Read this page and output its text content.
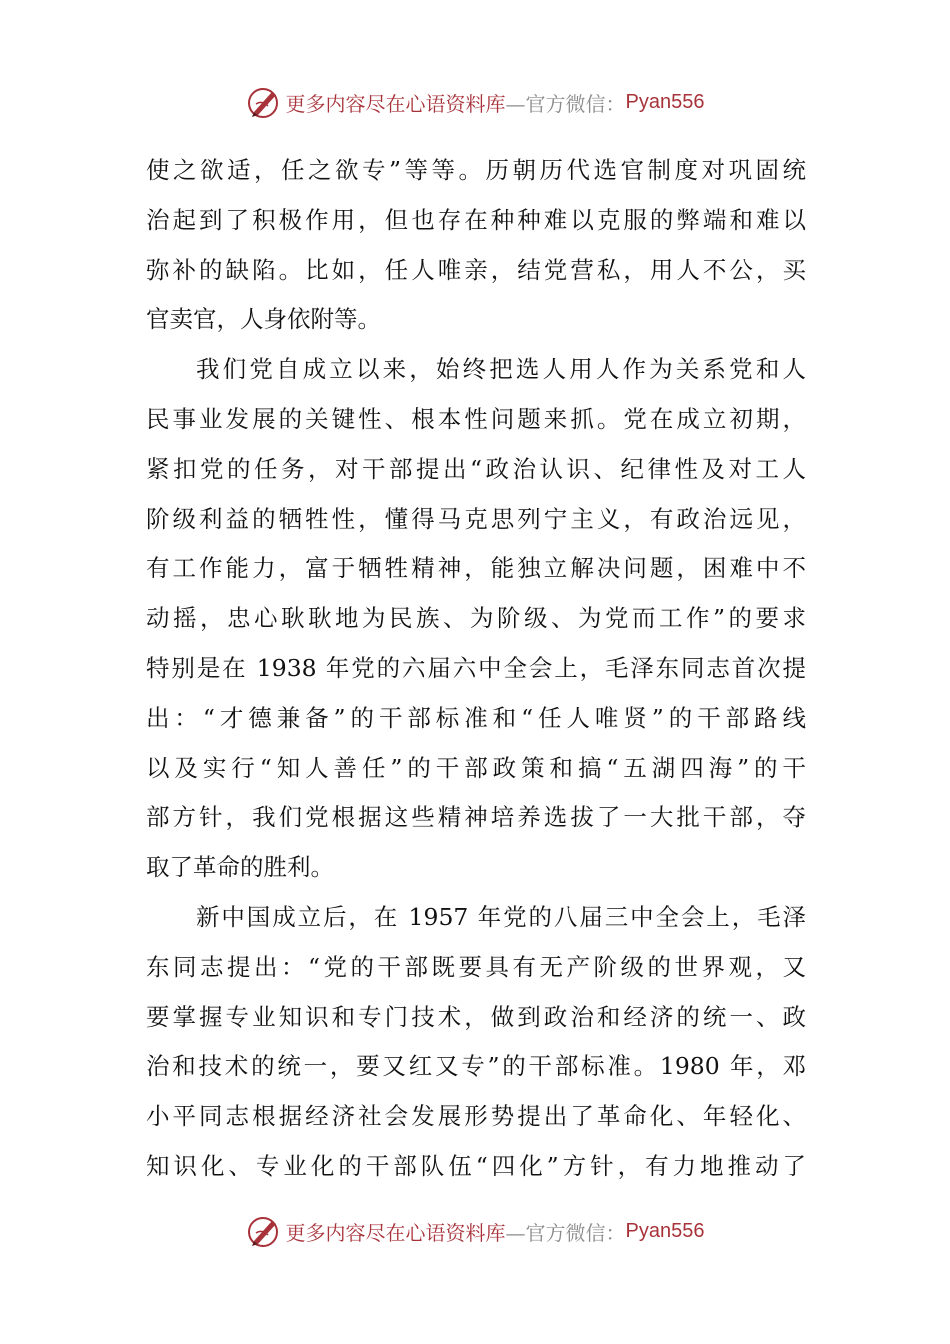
更多内容尽在心语资料库 —官方微信： Pyan556
使之欲适，任之欲专”等等。历朝历代选官制度对巩固统
治起到了积极作用，但也存在种种难以克服的弊端和难以
弥补的缺陷。比如，任人唯亲，结党营私，用人不公，买
官卖官，人身依附等。
我们党自成立以来，始终把选人用人作为关系党和人
民事业发展的关键性、根本性问题来抓。党在成立初期，
紧扣党的任务，对干部提出“政治认识、纪律性及对工人
阶级利益的牺牲性，懂得马克思列宁主义，有政治远见，
有工作能力，富于牺牲精神，能独立解决问题，困难中不
动摇，忠心耿耿地为民族、为阶级、为党而工作”的要求
特别是在 1938 年党的六届六中全会上，毛泽东同志首次提
出：“才德兼备”的干部标准和“任人唯贤”的干部路线
以及实行“知人善任”的干部政策和搞“五湖四海”的干
部方针，我们党根据这些精神培养选拔了一大批干部，夺
取了革命的胜利。
新中国成立后，在 1957 年党的八届三中全会上，毛泽
东同志提出：“党的干部既要具有无产阶级的世界观，又
要掌握专业知识和专门技术，做到政治和经济的统一、政
治和技术的统一，要又红又专”的干部标准。1980 年，邓
小平同志根据经济社会发展形势提出了革命化、年轻化、
知识化、专业化的干部队伍“四化”方针，有力地推动了
更多内容尽在心语资料库 —官方微信： Pyan556
